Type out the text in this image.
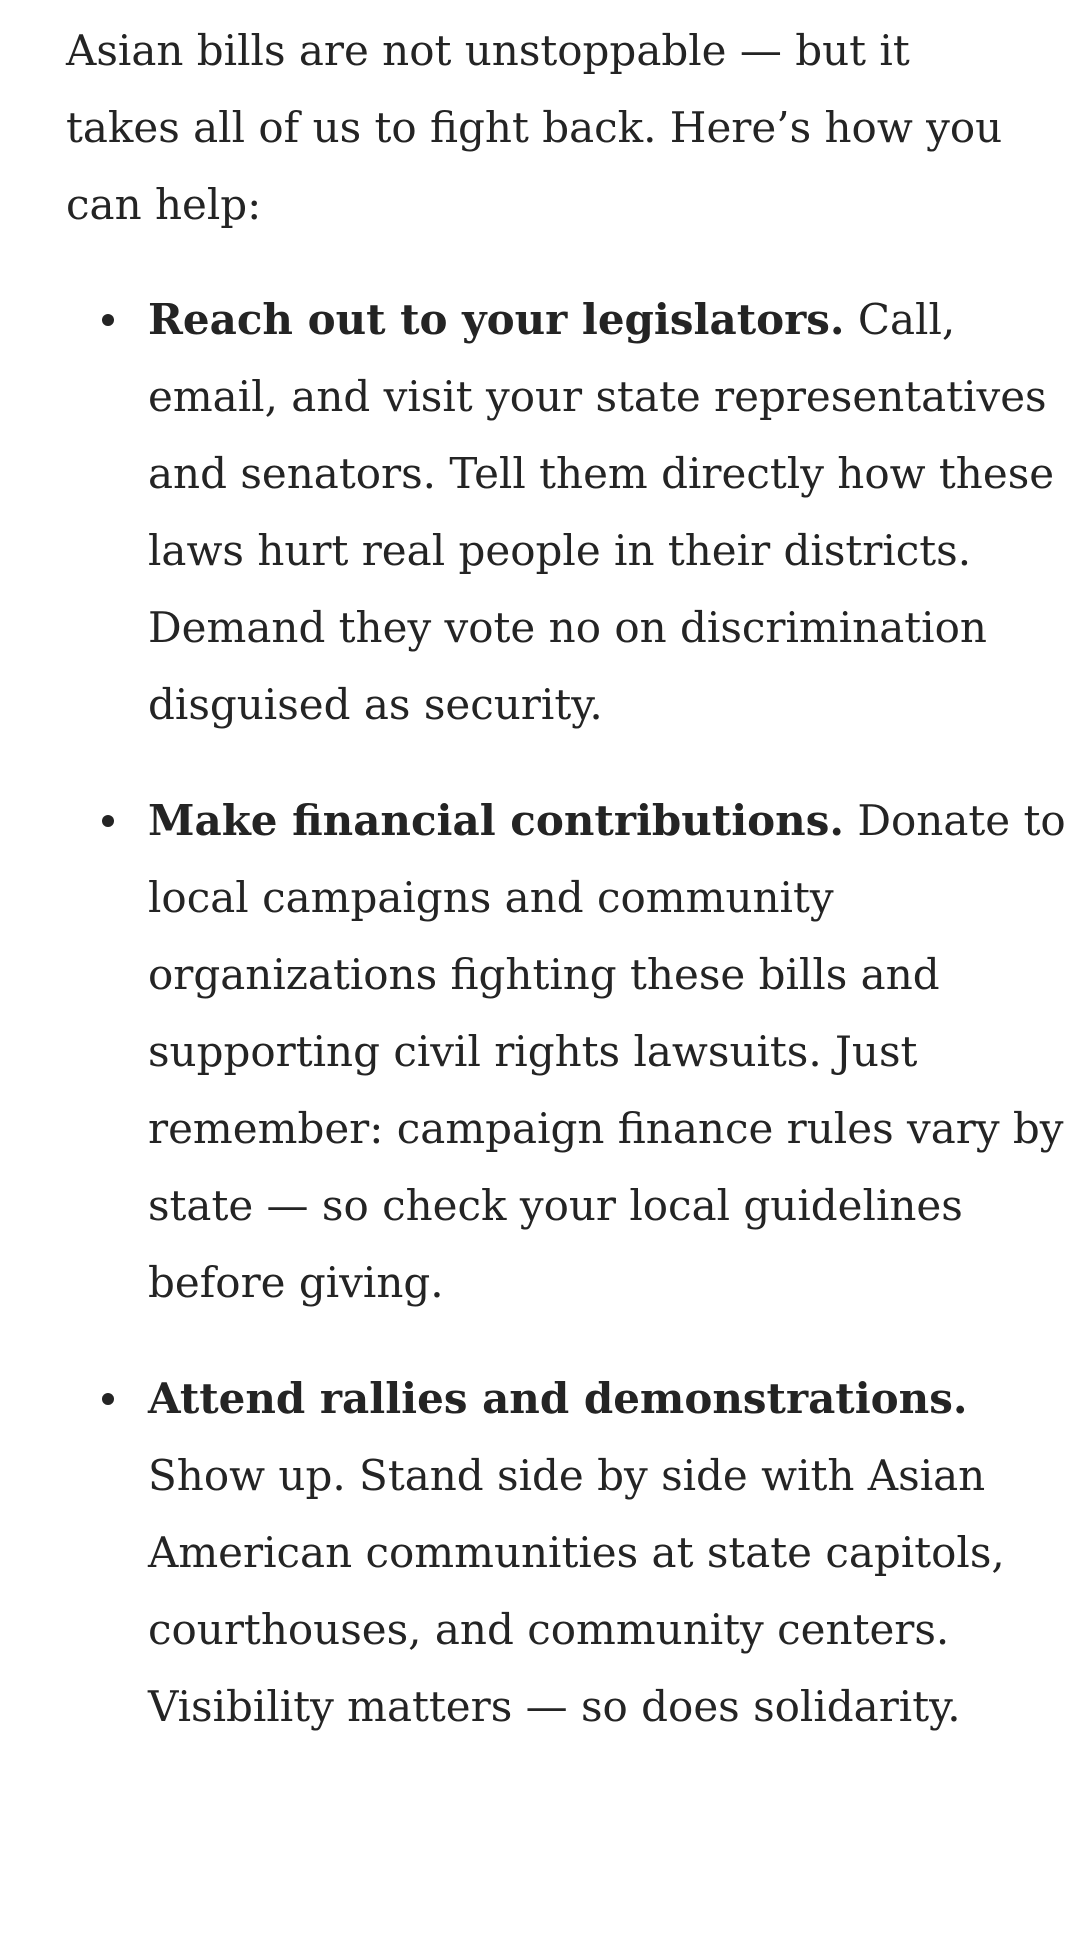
Asian bills are not unstoppable — but it takes all of us to fight back. Here’s how you can help:

Reach out to your legislators. Call, email, and visit your state representatives and senators. Tell them directly how these laws hurt real people in their districts. Demand they vote no on discrimination disguised as security.
Make financial contributions. Donate to local campaigns and community organizations fighting these bills and supporting civil rights lawsuits. Just remember: campaign finance rules vary by state — so check your local guidelines before giving.
Attend rallies and demonstrations. Show up. Stand side by side with Asian American communities at state capitols, courthouses, and community centers. Visibility matters — so does solidarity.
